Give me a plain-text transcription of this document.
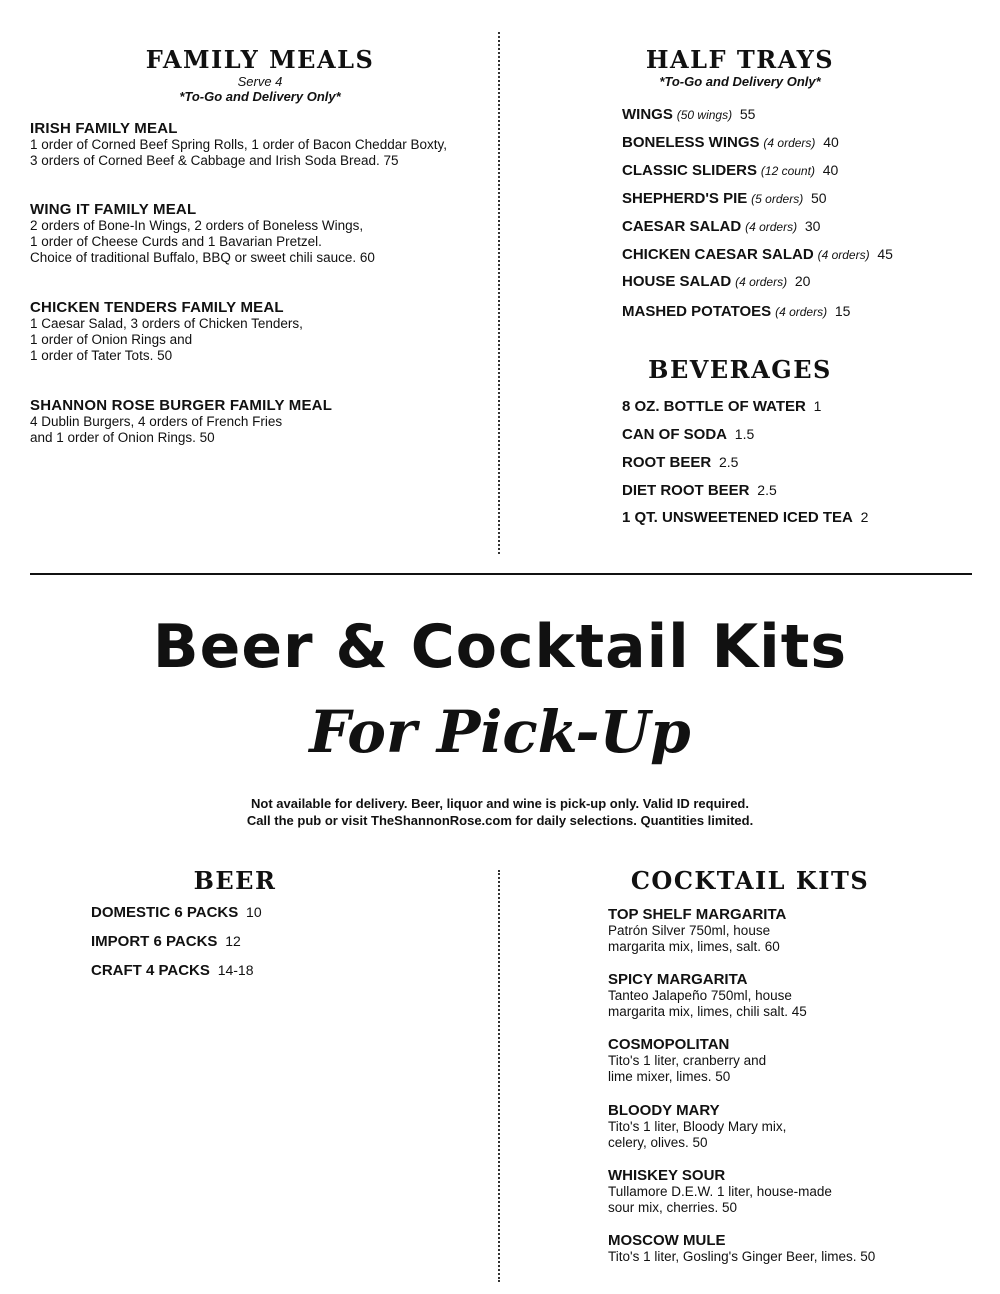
FAMILY MEALS
Serve 4
*To-Go and Delivery Only*
IRISH FAMILY MEAL
1 order of Corned Beef Spring Rolls, 1 order of Bacon Cheddar Boxty,
3 orders of Corned Beef & Cabbage and Irish Soda Bread. 75
WING IT FAMILY MEAL
2 orders of Bone-In Wings, 2 orders of Boneless Wings,
1 order of Cheese Curds and 1 Bavarian Pretzel.
Choice of traditional Buffalo, BBQ or sweet chili sauce. 60
CHICKEN TENDERS FAMILY MEAL
1 Caesar Salad, 3 orders of Chicken Tenders,
1 order of Onion Rings and
1 order of Tater Tots. 50
SHANNON ROSE BURGER FAMILY MEAL
4 Dublin Burgers, 4 orders of French Fries
and 1 order of Onion Rings. 50
HALF TRAYS
*To-Go and Delivery Only*
WINGS (50 wings) 55
BONELESS WINGS (4 orders) 40
CLASSIC SLIDERS (12 count) 40
SHEPHERD'S PIE (5 orders) 50
CAESAR SALAD (4 orders) 30
CHICKEN CAESAR SALAD (4 orders) 45
HOUSE SALAD (4 orders) 20
MASHED POTATOES (4 orders) 15
BEVERAGES
8 OZ. BOTTLE OF WATER 1
CAN OF SODA 1.5
ROOT BEER 2.5
DIET ROOT BEER 2.5
1 QT. UNSWEETENED ICED TEA 2
Beer & Cocktail Kits
For Pick-Up
Not available for delivery. Beer, liquor and wine is pick-up only. Valid ID required.
Call the pub or visit TheShannonRose.com for daily selections. Quantities limited.
BEER
DOMESTIC 6 PACKS 10
IMPORT 6 PACKS 12
CRAFT 4 PACKS 14-18
COCKTAIL KITS
TOP SHELF MARGARITA
Patrón Silver 750ml, house
margarita mix, limes, salt. 60
SPICY MARGARITA
Tanteo Jalapeño 750ml, house
margarita mix, limes, chili salt. 45
COSMOPOLITAN
Tito's 1 liter, cranberry and
lime mixer, limes. 50
BLOODY MARY
Tito's 1 liter, Bloody Mary mix,
celery, olives. 50
WHISKEY SOUR
Tullamore D.E.W. 1 liter, house-made
sour mix, cherries. 50
MOSCOW MULE
Tito's 1 liter, Gosling's Ginger Beer, limes. 50
